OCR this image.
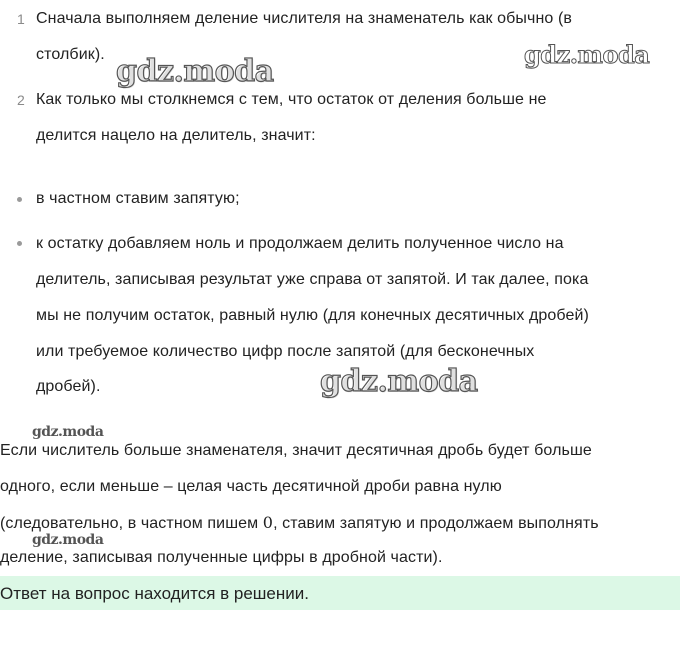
1 Сначала выполняем деление числителя на знаменатель как обычно (в
столбик).
2 Как только мы столкнемся с тем, что остаток от деления больше не
делится нацело на делитель, значит:
в частном ставим запятую;
к остатку добавляем ноль и продолжаем делить полученное число на
делитель, записывая результат уже справа от запятой. И так далее, пока
мы не получим остаток, равный нулю (для конечных десятичных дробей)
или требуемое количество цифр после запятой (для бесконечных
дробей).
Если числитель больше знаменателя, значит десятичная дробь будет больше
одного, если меньше – целая часть десятичной дроби равна нулю
(следовательно, в частном пишем 0, ставим запятую и продолжаем выполнять
деление, записывая полученные цифры в дробной части).
Ответ на вопрос находится в решении.
gdz.moda	gdz.moda
gdz.moda
gdz.moda
gdz.moda
